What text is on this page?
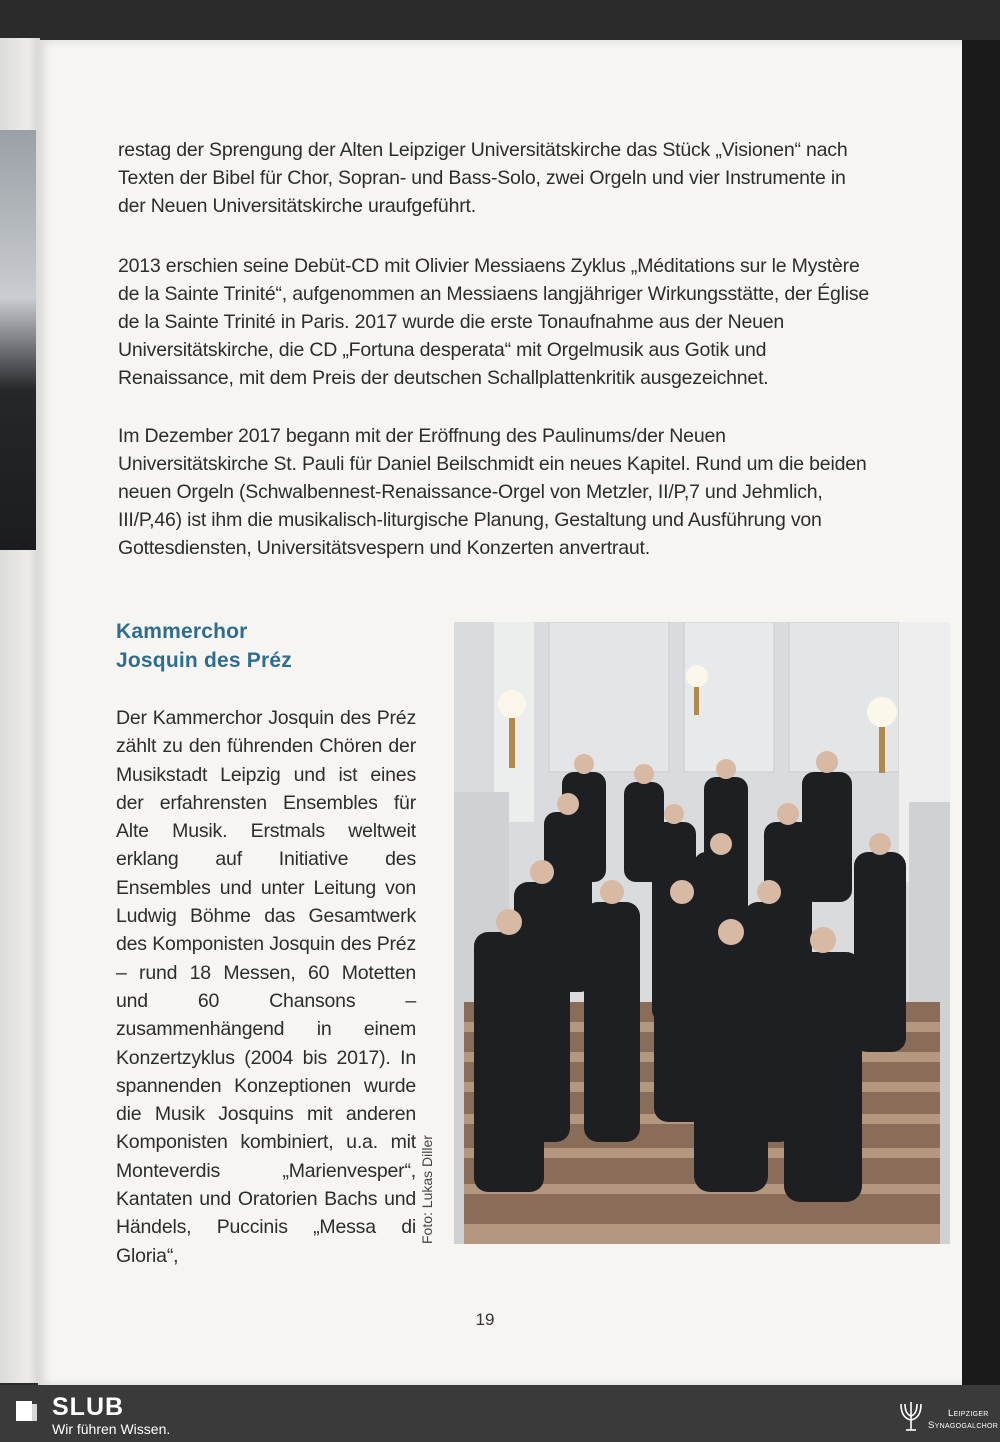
restag der Sprengung der Alten Leipziger Universitätskirche das Stück „Visionen“ nach Texten der Bibel für Chor, Sopran- und Bass-Solo, zwei Orgeln und vier Instrumente in der Neuen Universitätskirche uraufgeführt.

2013 erschien seine Debüt-CD mit Olivier Messiaens Zyklus „Méditations sur le Mystère de la Sainte Trinité“, aufgenommen an Messiaens langjähriger Wirkungsstätte, der Église de la Sainte Trinité in Paris. 2017 wurde die erste Tonaufnahme aus der Neuen Universitätskirche, die CD „Fortuna desperata“ mit Orgelmusik aus Gotik und Renaissance, mit dem Preis der deutschen Schallplattenkritik ausgezeichnet.

Im Dezember 2017 begann mit der Eröffnung des Paulinums/der Neuen Universitätskirche St. Pauli für Daniel Beilschmidt ein neues Kapitel. Rund um die beiden neuen Orgeln (Schwalbennest-Renaissance-Orgel von Metzler, II/P,7 und Jehmlich, III/P,46) ist ihm die musikalisch-liturgische Planung, Gestaltung und Ausführung von Gottesdiensten, Universitätsvespern und Konzerten anvertraut.

Kammerchor
Josquin des Préz

Der Kammerchor Josquin des Préz zählt zu den führenden Chören der Musikstadt Leipzig und ist eines der erfahrensten Ensembles für Alte Musik. Erstmals weltweit erklang auf Initiative des Ensembles und unter Leitung von Ludwig Böhme das Gesamtwerk des Komponisten Josquin des Préz – rund 18 Messen, 60 Motetten und 60 Chansons – zusammenhängend in einem Konzertzyklus (2004 bis 2017). In spannenden Konzeptionen wurde die Musik Josquins mit anderen Komponisten kombiniert, u.a. mit Monteverdis „Marienvesper“, Kantaten und Oratorien Bachs und Händels, Puccinis „Messa di Gloria“,

Foto: Lukas Diller
19
SLUB
Wir führen Wissen.
Leipziger
Synagogalchor
